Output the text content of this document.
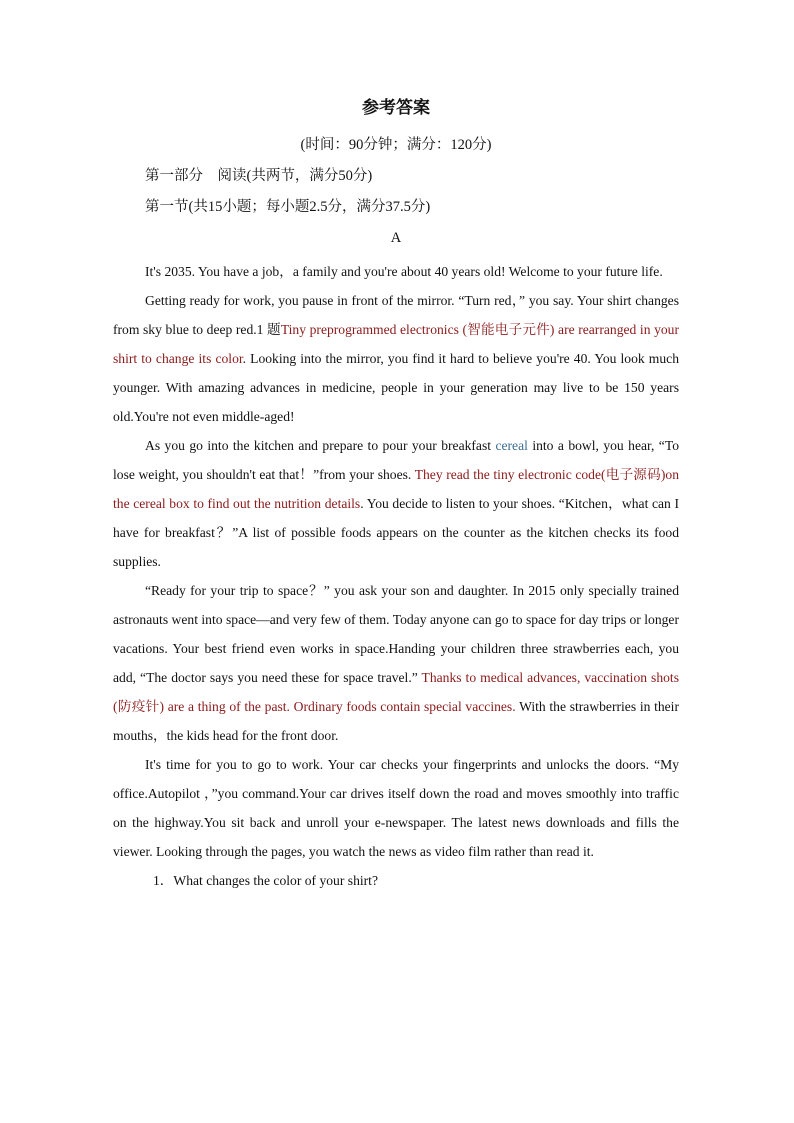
参考答案
(时间：90分钟；满分：120分)
第一部分　阅读(共两节，满分50分)
第一节(共15小题；每小题2.5分，满分37.5分)
A

It's 2035. You have a job，a family and you're about 40 years old! Welcome to your future life.

Getting ready for work, you pause in front of the mirror. “Turn red，” you say. Your shirt changes from sky blue to deep red.1 题Tiny preprogrammed electronics (智能电子元件) are rearranged in your shirt to change its color. Looking into the mirror, you find it hard to believe you're 40. You look much younger. With amazing advances in medicine, people in your generation may live to be 150 years old.You're not even middle-aged!

As you go into the kitchen and prepare to pour your breakfast cereal into a bowl, you hear, “To lose weight, you shouldn't eat that！”from your shoes. They read the tiny electronic code(电子源码)on the cereal box to find out the nutrition details. You decide to listen to your shoes. “Kitchen，what can I have for breakfast？”A list of possible foods appears on the counter as the kitchen checks its food supplies.

“Ready for your trip to space？” you ask your son and daughter. In 2015 only specially trained astronauts went into space—and very few of them. Today anyone can go to space for day trips or longer vacations. Your best friend even works in space.Handing your children three strawberries each, you add, “The doctor says you need these for space travel.” Thanks to medical advances, vaccination shots (防疫针) are a thing of the past. Ordinary foods contain special vaccines. With the strawberries in their mouths，the kids head for the front door.

It's time for you to go to work. Your car checks your fingerprints and unlocks the doors. “My office.Autopilot ，”you command.Your car drives itself down the road and moves smoothly into traffic on the highway.You sit back and unroll your e-newspaper. The latest news downloads and fills the viewer. Looking through the pages, you watch the news as video film rather than read it.

1．What changes the color of your shirt?
